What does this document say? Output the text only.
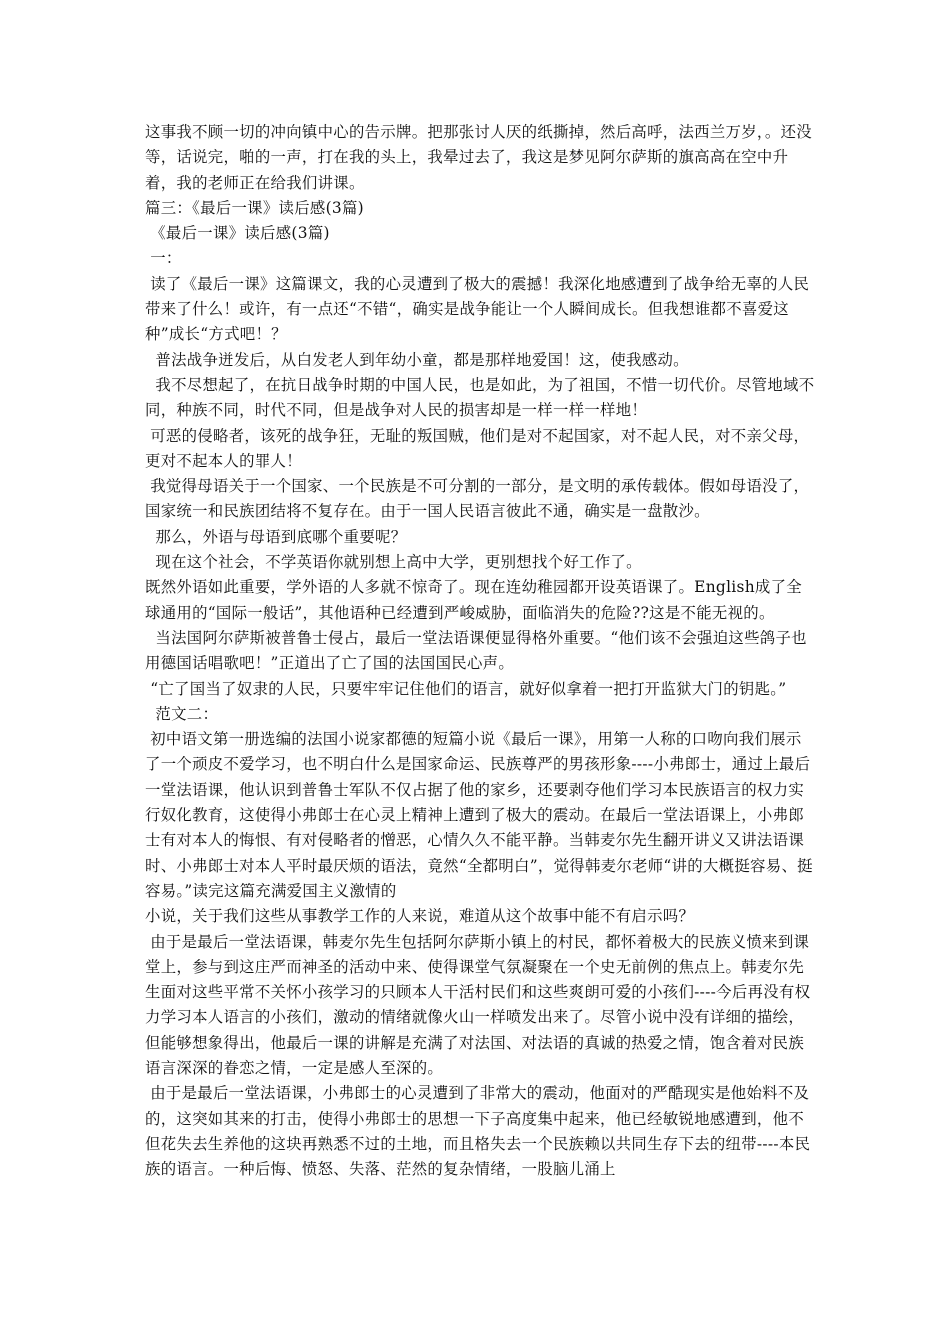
这事我不顾一切的冲向镇中心的告示牌。把那张讨人厌的纸撕掉，然后高呼，法西兰万岁，。还没等，话说完，啪的一声，打在我的头上，我晕过去了，我这是梦见阿尔萨斯的旗高高在空中升着，我的老师正在给我们讲课。

篇三：《最后一课》读后感(3篇)

《最后一课》读后感(3篇)

一：

读了《最后一课》这篇课文，我的心灵遭到了极大的震撼！我深化地感遭到了战争给无辜的人民带来了什么！或许，有一点还“不错“，确实是战争能让一个人瞬间成长。但我想谁都不喜爱这种”成长“方式吧！？

普法战争迸发后，从白发老人到年幼小童，都是那样地爱国！这，使我感动。

我不尽想起了，在抗日战争时期的中国人民，也是如此，为了祖国，不惜一切代价。尽管地域不同，种族不同，时代不同，但是战争对人民的损害却是一样一样一样地！

可恶的侵略者，该死的战争狂，无耻的叛国贼，他们是对不起国家，对不起人民，对不亲父母，更对不起本人的罪人！

我觉得母语关于一个国家、一个民族是不可分割的一部分，是文明的承传载体。假如母语没了，国家统一和民族团结将不复存在。由于一国人民语言彼此不通，确实是一盘散沙。

那么，外语与母语到底哪个重要呢？

现在这个社会，不学英语你就别想上高中大学，更别想找个好工作了。

既然外语如此重要，学外语的人多就不惊奇了。现在连幼稚园都开设英语课了。English成了全球通用的“国际一般话”，其他语种已经遭到严峻威胁，面临消失的危险??这是不能无视的。

当法国阿尔萨斯被普鲁士侵占，最后一堂法语课便显得格外重要。“他们该不会强迫这些鸽子也用德国话唱歌吧！”正道出了亡了国的法国国民心声。

“亡了国当了奴隶的人民，只要牢牢记住他们的语言，就好似拿着一把打开监狱大门的钥匙。”

范文二：

初中语文第一册选编的法国小说家都德的短篇小说《最后一课》，用第一人称的口吻向我们展示了一个顽皮不爱学习，也不明白什么是国家命运、民族尊严的男孩形象----小弗郎士，通过上最后一堂法语课，他认识到普鲁士军队不仅占据了他的家乡，还要剥夺他们学习本民族语言的权力实行奴化教育，这使得小弗郎士在心灵上精神上遭到了极大的震动。在最后一堂法语课上，小弗郎士有对本人的悔恨、有对侵略者的憎恶，心情久久不能平静。当韩麦尔先生翻开讲义又讲法语课时、小弗郎士对本人平时最厌烦的语法，竟然“全都明白”，觉得韩麦尔老师“讲的大概挺容易、挺容易。”读完这篇充满爱国主义激情的

小说，关于我们这些从事教学工作的人来说，难道从这个故事中能不有启示吗？

由于是最后一堂法语课，韩麦尔先生包括阿尔萨斯小镇上的村民，都怀着极大的民族义愤来到课堂上，参与到这庄严而神圣的活动中来、使得课堂气氛凝聚在一个史无前例的焦点上。韩麦尔先生面对这些平常不关怀小孩学习的只顾本人干活村民们和这些爽朗可爱的小孩们----今后再没有权力学习本人语言的小孩们，激动的情绪就像火山一样喷发出来了。尽管小说中没有详细的描绘，但能够想象得出，他最后一课的讲解是充满了对法国、对法语的真诚的热爱之情，饱含着对民族语言深深的眷恋之情，一定是感人至深的。

由于是最后一堂法语课，小弗郎士的心灵遭到了非常大的震动，他面对的严酷现实是他始料不及的，这突如其来的打击，使得小弗郎士的思想一下子高度集中起来，他已经敏锐地感遭到，他不但花失去生养他的这块再熟悉不过的土地，而且格失去一个民族赖以共同生存下去的纽带----本民族的语言。一种后悔、愤怒、失落、茫然的复杂情绪，一股脑儿涌上
